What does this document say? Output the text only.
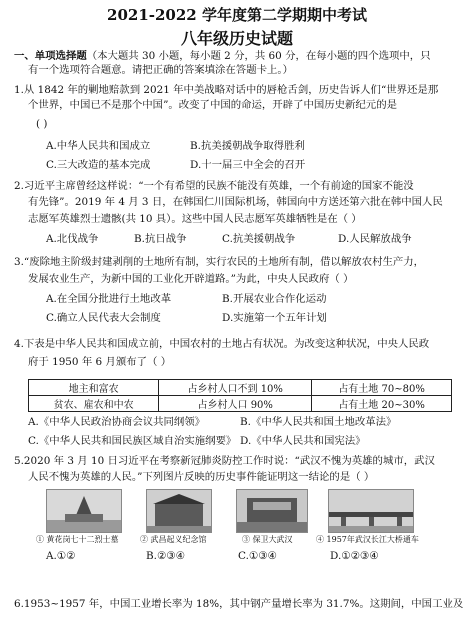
2021-2022 学年度第二学期期中考试
八年级历史试题
一、单项选择题（本大题共 30 小题，每小题 2 分，共 60 分，在每小题的四个选项中，只
有一个选项符合题意。请把正确的答案填涂在答题卡上。）
1.从 1842 年的剿地赔款到 2021 年中美战略对话中的唇枪舌剑，历史告诉人们“世界还是那
个世界，中国已不是那个中国”。改变了中国的命运，开辟了中国历史新纪元的是
( )
A.中华人民共和国成立	B.抗美援朝战争取得胜利
C.三大改造的基本完成	D.十一届三中全会的召开
2.习近平主席曾经这样说：“一个有希望的民族不能没有英雄，一个有前途的国家不能没
有先锋”。2019 年 4 月 3 日，在韩国仁川国际机场，韩国向中方送还第六批在韩中国人民
志愿军英雄烈士遗骸(共 10 具）。这些中国人民志愿军英雄牺牲是在（ ）
A.北伐战争	B.抗日战争	C.抗美援朝战争	D.人民解放战争
3.“废除地主阶级封建剥削的土地所有制，实行农民的土地所有制，借以解放农村生产力，
发展农业生产，为新中国的工业化开辟道路。”为此，中央人民政府（ ）
A.在全国分批进行土地改革	B.开展农业合作化运动
C.确立人民代表大会制度	D.实施第一个五年计划
4.下表是中华人民共和国成立前，中国农村的土地占有状况。为改变这种状况，中央人民政
府于 1950 年 6 月颁布了（ ）
地主和富农	占乡村人口不到 10%	占有土地 70~80%
贫农、雇农和中农	占乡村人口 90%	占有土地 20~30%
A.《中华人民政治协商会议共同纲领》	B.《中华人民共和国土地改革法》
C.《中华人民共和国民族区域自治实施纲要》 D.《中华人民共和国宪法》
5.2020 年 3 月 10 日习近平在考察新冠肺炎防控工作时说：“武汉不愧为英雄的城市，武汉
人民不愧为英雄的人民。”下列图片反映的历史事件能证明这一结论的是（ ）
① 黄花岗七十二烈士墓	② 武昌起义纪念馆	③ 保卫大武汉	④ 1957年武汉长江大桥通车
A.①②	B.②③④	C.①③④	D.①②③④
6.1953~1957 年，中国工业增长率为 18%，其中钢产量增长率为 31.7%。这期间，中国工业及
